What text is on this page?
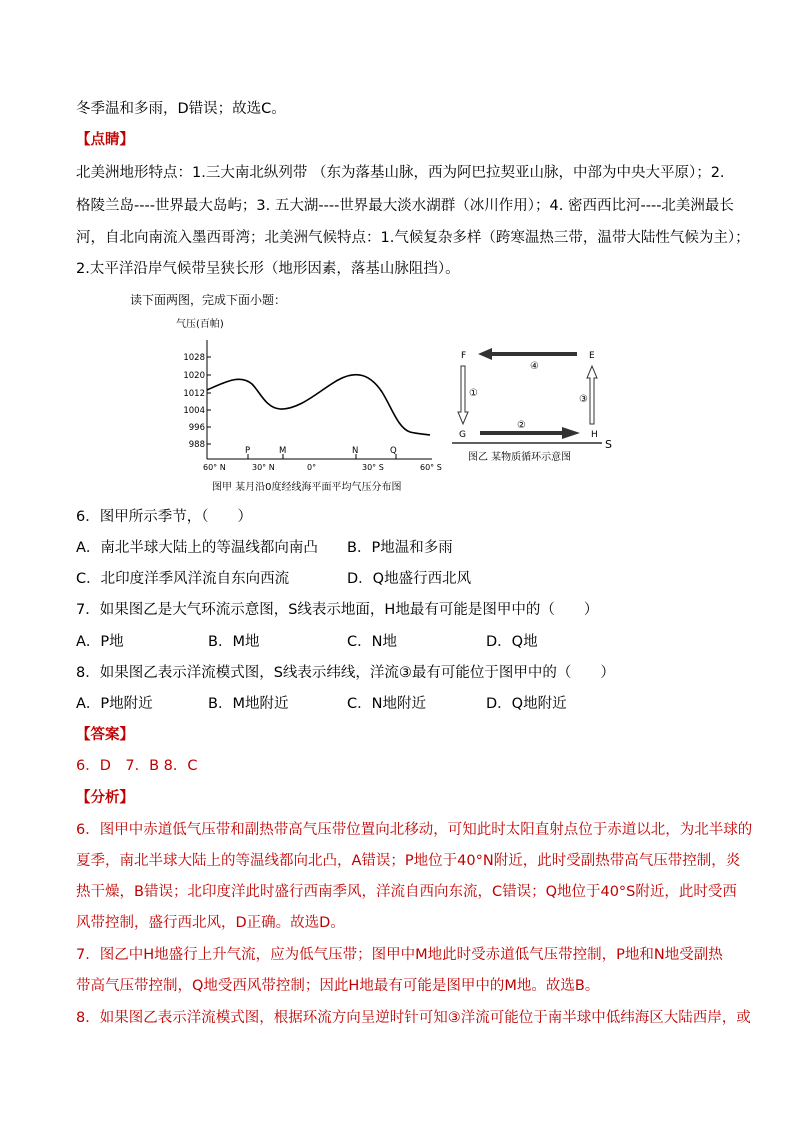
冬季温和多雨，D错误；故选C。
【点睛】
北美洲地形特点：1.三大南北纵列带 （东为落基山脉，西为阿巴拉契亚山脉，中部为中央大平原）；2.
格陵兰岛----世界最大岛屿；3. 五大湖----世界最大淡水湖群（冰川作用）；4. 密西西比河----北美洲最长
河，自北向南流入墨西哥湾；北美洲气候特点：1.气候复杂多样（跨寒温热三带，温带大陆性气候为主）；
2.太平洋沿岸气候带呈狭长形（地形因素，落基山脉阻挡）。
读下面两图，完成下面小题：
气压(百帕)
1028
1020
1012
1004
996
988
P	M	N	Q
60° N	30° N	0°	30° S	60° S
图甲 某月沿0度经线海平面平均气压分布图
F	E
G	H
④
①
②
③
S
图乙 某物质循环示意图
6．图甲所示季节，（　　）
A．南北半球大陆上的等温线都向南凸 B．P地温和多雨
C．北印度洋季风洋流自东向西流	D．Q地盛行西北风
7．如果图乙是大气环流示意图，S线表示地面，H地最有可能是图甲中的（　　）
A．P地	B．M地	C．N地	D．Q地
8．如果图乙表示洋流模式图，S线表示纬线，洋流③最有可能位于图甲中的（　　）
A．P地附近	B．M地附近	C．N地附近	D．Q地附近
【答案】
6．D　7．B 8．C
【分析】
6．图甲中赤道低气压带和副热带高气压带位置向北移动，可知此时太阳直射点位于赤道以北，为北半球的
夏季，南北半球大陆上的等温线都向北凸，A错误；P地位于40°N附近，此时受副热带高气压带控制，炎
热干燥，B错误；北印度洋此时盛行西南季风，洋流自西向东流，C错误；Q地位于40°S附近，此时受西
风带控制，盛行西北风，D正确。故选D。
7．图乙中H地盛行上升气流，应为低气压带；图甲中M地此时受赤道低气压带控制，P地和N地受副热
带高气压带控制，Q地受西风带控制；因此H地最有可能是图甲中的M地。故选B。
8．如果图乙表示洋流模式图，根据环流方向呈逆时针可知③洋流可能位于南半球中低纬海区大陆西岸，或
